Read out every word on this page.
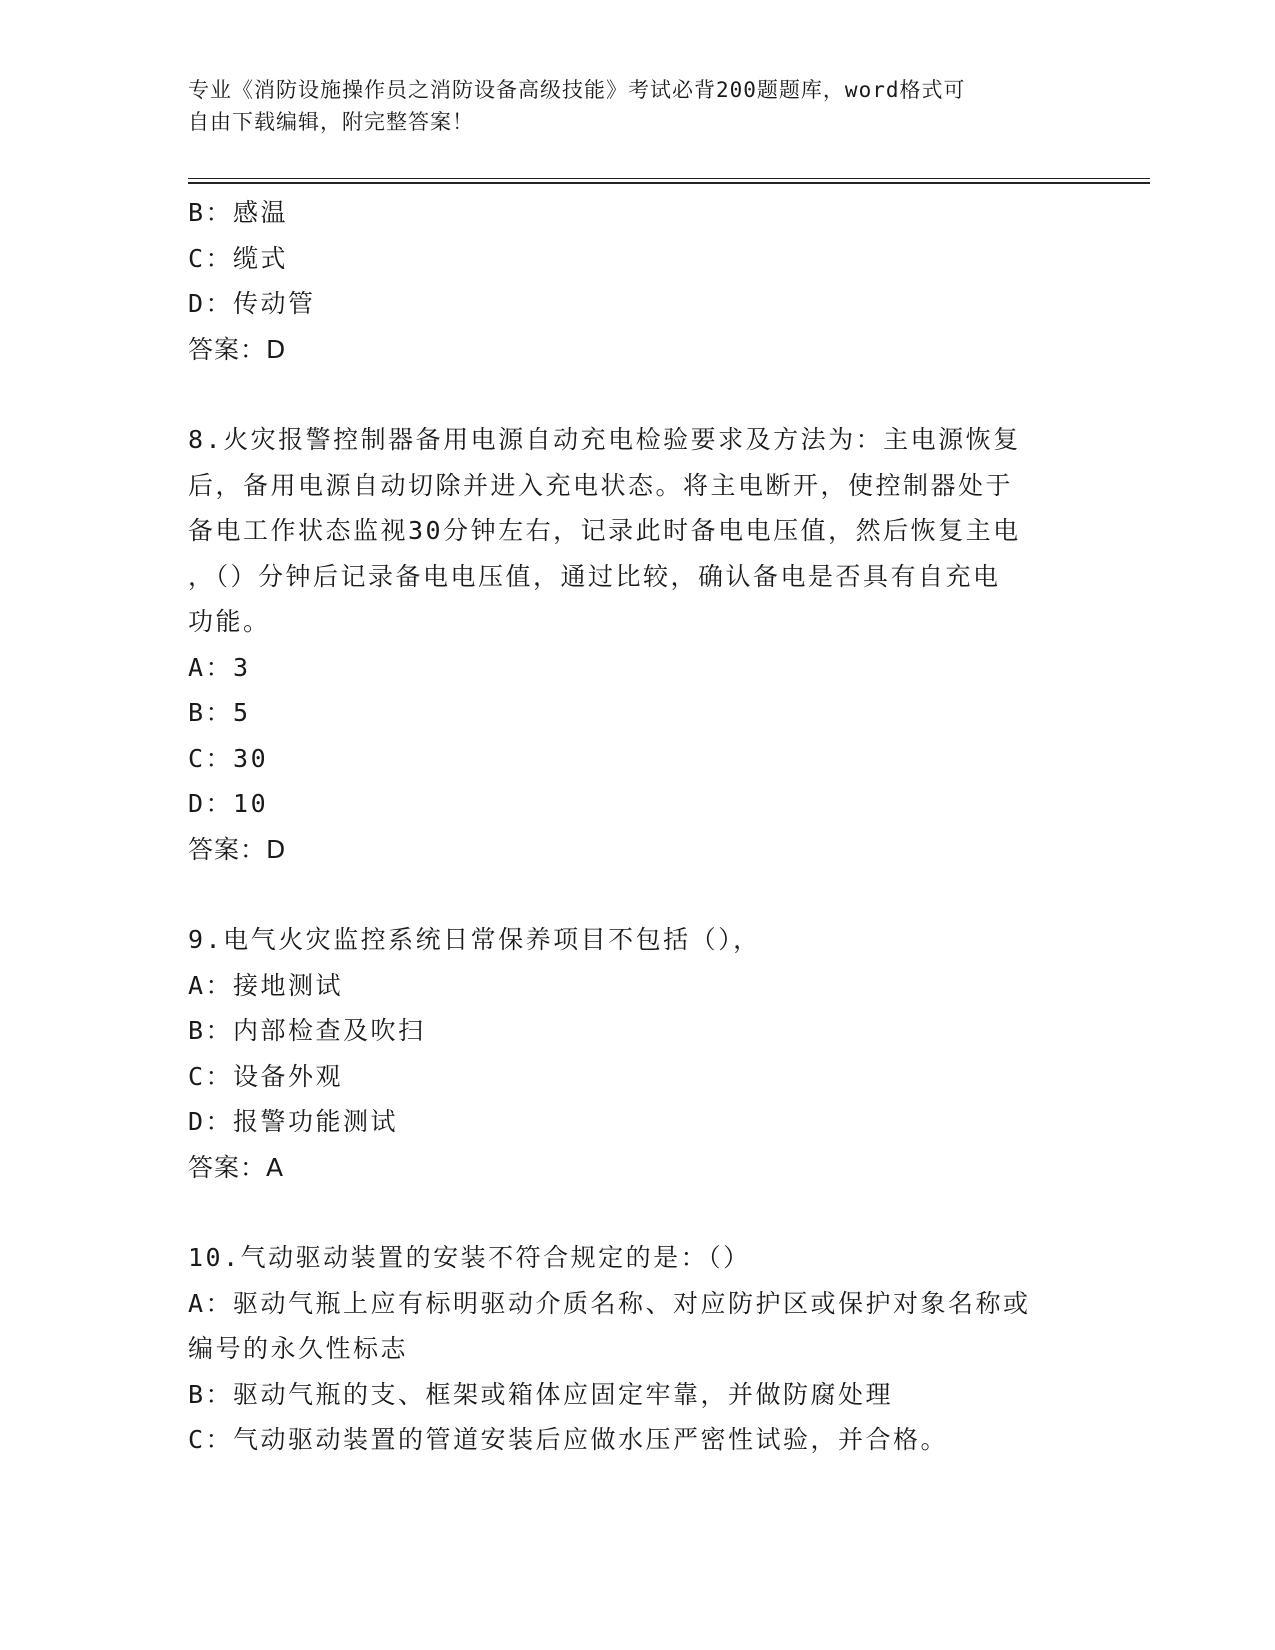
专业《消防设施操作员之消防设备高级技能》考试必背200题题库，word格式可
自由下载编辑，附完整答案！
B：感温
C：缆式
D：传动管
答案：D
8.火灾报警控制器备用电源自动充电检验要求及方法为：主电源恢复
后，备用电源自动切除并进入充电状态。将主电断开，使控制器处于
备电工作状态监视30分钟左右，记录此时备电电压值，然后恢复主电
，（）分钟后记录备电电压值，通过比较，确认备电是否具有自充电
功能。
A：3
B：5
C：30
D：10
答案：D
9.电气火灾监控系统日常保养项目不包括（），
A：接地测试
B：内部检查及吹扫
C：设备外观
D：报警功能测试
答案：A
10.气动驱动装置的安装不符合规定的是：（）
A：驱动气瓶上应有标明驱动介质名称、对应防护区或保护对象名称或
编号的永久性标志
B：驱动气瓶的支、框架或箱体应固定牢靠，并做防腐处理
C：气动驱动装置的管道安装后应做水压严密性试验，并合格。
